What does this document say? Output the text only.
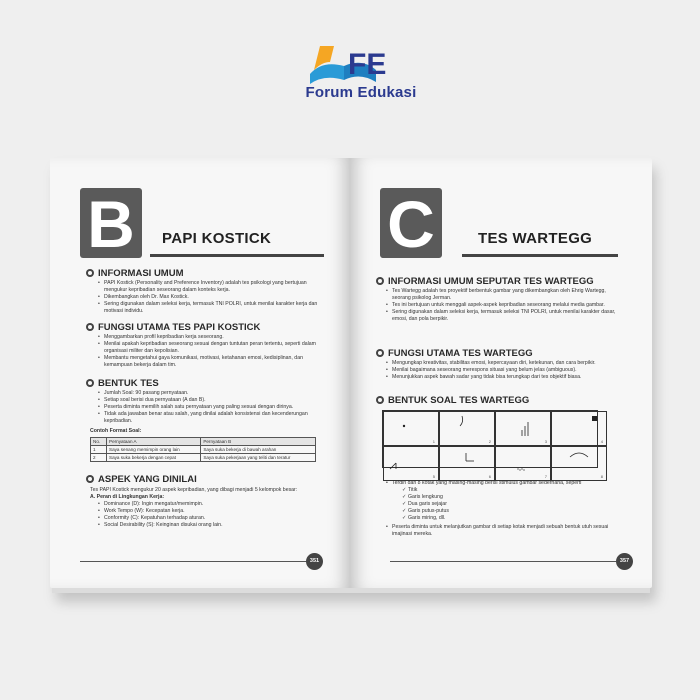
FE
Forum Edukasi
B	PAPI KOSTICK
INFORMASI UMUM
• PAPI Kostick (Personality and Preference Inventory) adalah tes psikologi yang bertujuan mengukur kepribadian seseorang dalam konteks kerja.
• Dikembangkan oleh Dr. Max Kostick.
• Sering digunakan dalam seleksi kerja, termasuk TNI POLRI, untuk menilai karakter kerja dan motivasi individu.
FUNGSI UTAMA TES PAPI KOSTICK
• Menggambarkan profil kepribadian kerja seseorang.
• Menilai apakah kepribadian seseorang sesuai dengan tuntutan peran tertentu, seperti dalam organisasi militer dan kepolisian.
• Membantu mengetahui gaya komunikasi, motivasi, ketahanan emosi, kedisiplinan, dan kemampuan bekerja dalam tim.
BENTUK TES
• Jumlah Soal: 90 pasang pernyataan.
• Setiap soal berisi dua pernyataan (A dan B).
• Peserta diminta memilih salah satu pernyataan yang paling sesuai dengan dirinya.
• Tidak ada jawaban benar atau salah, yang dinilai adalah konsistensi dan kecenderungan kepribadian.
Contoh Format Soal:
No.	Pernyataan A	Pernyataan B
1	Saya senang memimpin orang lain	Saya suka bekerja di bawah arahan
2	Saya suka bekerja dengan cepat	Saya suka pekerjaan yang teliti dan teratur
ASPEK YANG DINILAI
Tes PAPI Kostick mengukur 20 aspek kepribadian, yang dibagi menjadi 5 kelompok besar:
A. Peran di Lingkungan Kerja:
• Dominance (D): Ingin mengatur/memimpin.
• Work Tempo (W): Kecepatan kerja.
• Conformity (C): Kepatuhan terhadap aturan.
• Social Desirability (S): Keinginan disukai orang lain.
351
C	TES WARTEGG
INFORMASI UMUM SEPUTAR TES WARTEGG
• Tes Wartegg adalah tes proyektif berbentuk gambar yang dikembangkan oleh Ehrig Wartegg, seorang psikolog Jerman.
• Tes ini bertujuan untuk menggali aspek-aspek kepribadian seseorang melalui media gambar.
• Sering digunakan dalam seleksi kerja, termasuk seleksi TNI POLRI, untuk menilai karakter dasar, emosi, dan pola berpikir.
FUNGSI UTAMA TES WARTEGG
• Mengungkap kreativitas, stabilitas emosi, kepercayaan diri, ketekunan, dan cara berpikir.
• Menilai bagaimana seseorang merespons situasi yang belum jelas (ambiguous).
• Menunjukkan aspek bawah sadar yang tidak bisa terungkap dari tes objektif biasa.
BENTUK SOAL TES WARTEGG
1	2	3	4
5	6	7	8
• Terdiri dari 8 kotak yang masing-masing berisi stimulus gambar sederhana, seperti
✓ Titik
✓ Garis lengkung
✓ Dua garis sejajar
✓ Garis putus-putus
✓ Garis miring, dll.
• Peserta diminta untuk melanjutkan gambar di setiap kotak menjadi sebuah bentuk utuh sesuai imajinasi mereka.
357
